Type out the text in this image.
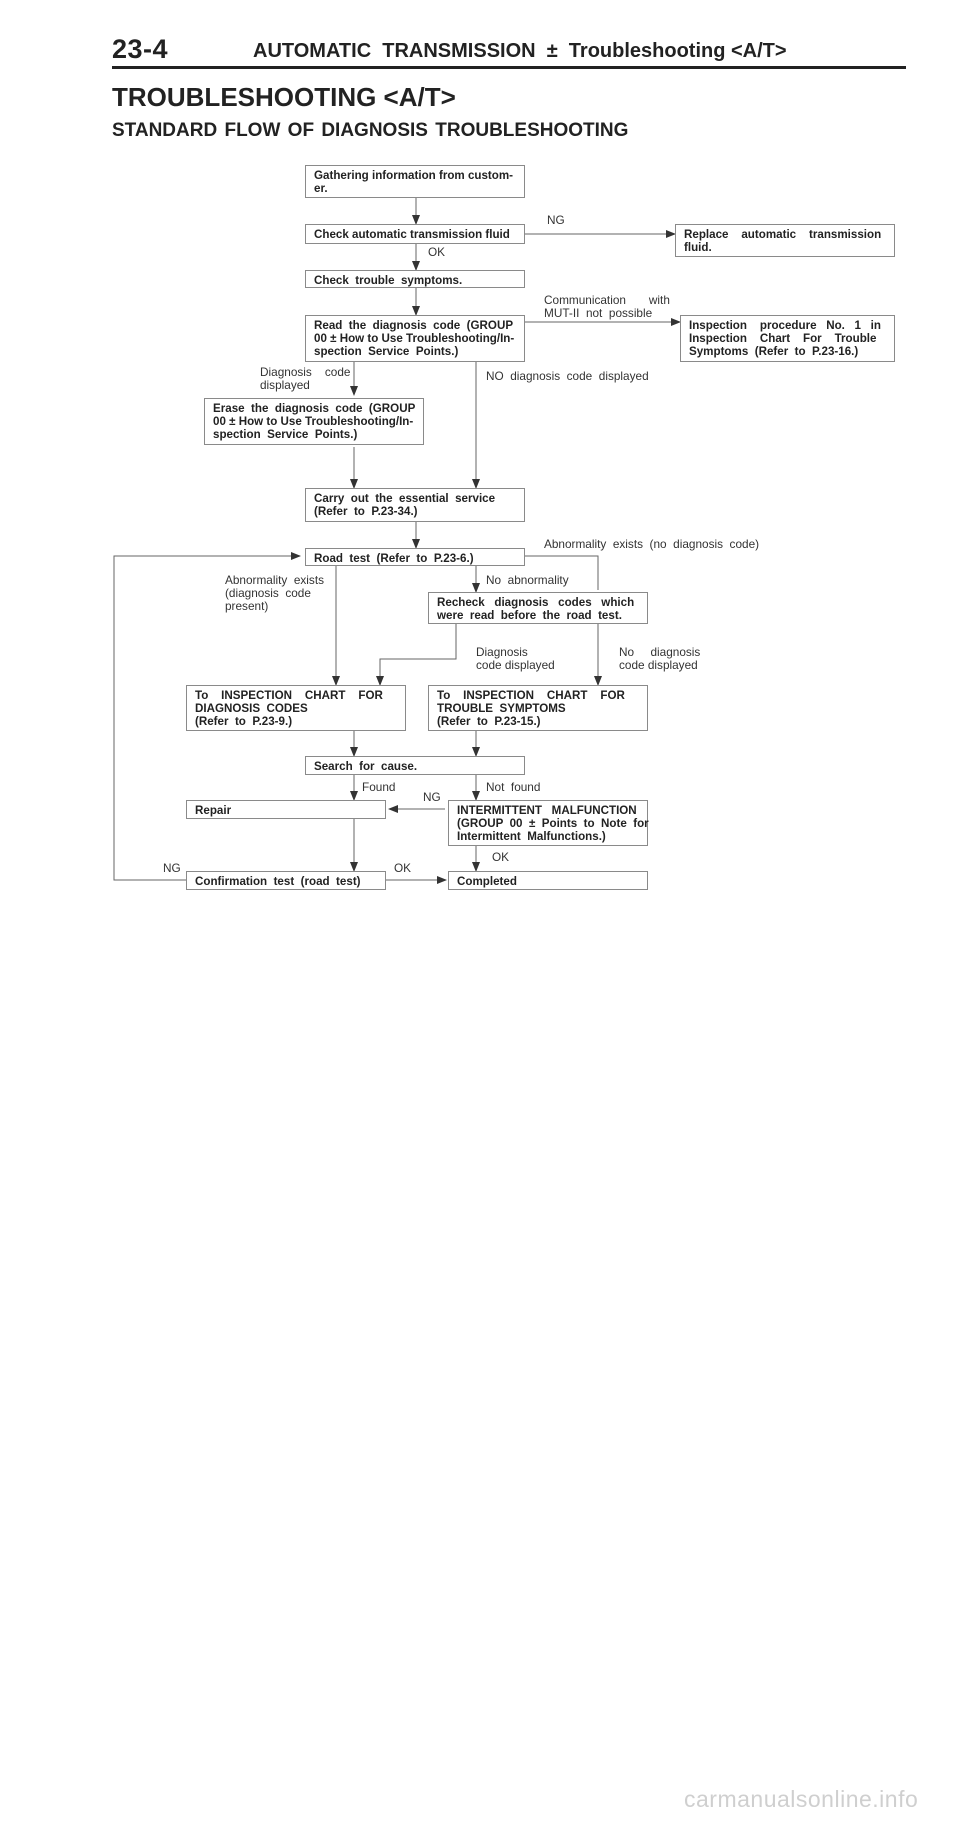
23-4	AUTOMATIC  TRANSMISSION  ±  Troubleshooting <A/T>
TROUBLESHOOTING <A/T>
STANDARD FLOW OF DIAGNOSIS TROUBLESHOOTING
Gathering information from custom-
er.
Check automatic transmission fluid	Replace    automatic    transmission
fluid.
Check  trouble  symptoms.
Read  the  diagnosis  code  (GROUP
00 ± How to Use Troubleshooting/In-
spection  Service  Points.)
Inspection    procedure   No.   1   in
Inspection    Chart    For    Trouble
Symptoms  (Refer  to  P.23-16.)
Erase  the  diagnosis  code  (GROUP
00 ± How to Use Troubleshooting/In-
spection  Service  Points.)
Carry  out  the  essential  service
(Refer  to  P.23-34.)
Road  test  (Refer  to  P.23-6.)
Recheck   diagnosis   codes   which
were  read  before  the  road  test.
To    INSPECTION    CHART    FOR
DIAGNOSIS  CODES
(Refer  to  P.23-9.)
To    INSPECTION    CHART    FOR
TROUBLE  SYMPTOMS
(Refer  to  P.23-15.)
Search  for  cause.
Repair	INTERMITTENT   MALFUNCTION
(GROUP  00  ±  Points  to  Note  for
Intermittent  Malfunctions.)
Confirmation  test  (road  test)	Completed
NG
OK
Communication       with
MUT-II  not  possible
Diagnosis    code
displayed
NO  diagnosis  code  displayed
Abnormality  exists  (no  diagnosis  code)
Abnormality  exists
(diagnosis  code
present)
No  abnormality
Diagnosis
code displayed
No     diagnosis
code displayed
Found	Not  found
NG
OK
NG	OK
carmanualsonline.info
